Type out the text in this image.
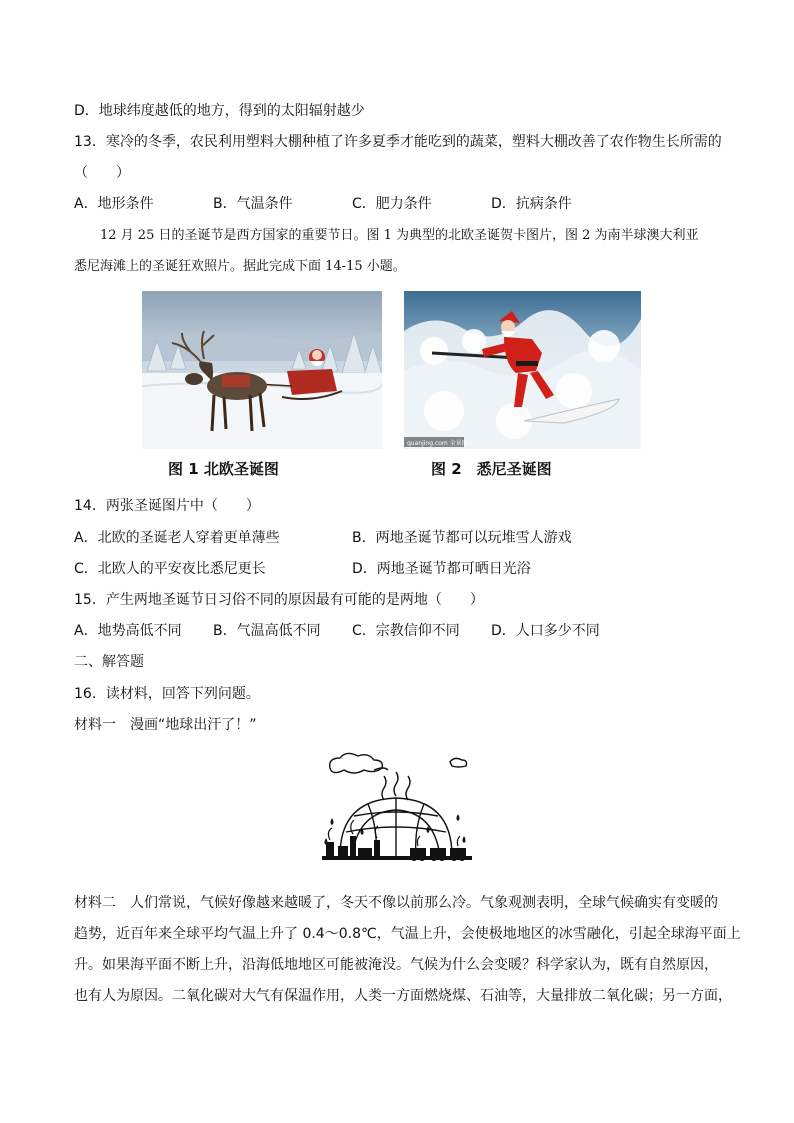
D．地球纬度越低的地方，得到的太阳辐射越少
13．寒冷的冬季，农民利用塑料大棚种植了许多夏季才能吃到的蔬菜，塑料大棚改善了农作物生长所需的
（　　）
A．地形条件	B．气温条件	C．肥力条件	D．抗病条件
12 月 25 日的圣诞节是西方国家的重要节日。图 1 为典型的北欧圣诞贺卡图片，图 2 为南半球澳大利亚
悉尼海滩上的圣诞狂欢照片。据此完成下面 14-15 小题。
quanjing.com 全景图片
图 1 北欧圣诞图	图 2　悉尼圣诞图
14．两张圣诞图片中（　　）
A．北欧的圣诞老人穿着更单薄些	B．两地圣诞节都可以玩堆雪人游戏
C．北欧人的平安夜比悉尼更长	D．两地圣诞节都可晒日光浴
15．产生两地圣诞节日习俗不同的原因最有可能的是两地（　　）
A．地势高低不同 B．气温高低不同 C．宗教信仰不同 D．人口多少不同
二、解答题
16．读材料，回答下列问题。
材料一　漫画“地球出汗了！”
材料二　人们常说，气候好像越来越暖了，冬天不像以前那么冷。气象观测表明，全球气候确实有变暖的
趋势，近百年来全球平均气温上升了 0.4～0.8℃，气温上升，会使极地地区的冰雪融化，引起全球海平面上
升。如果海平面不断上升，沿海低地地区可能被淹没。气候为什么会变暖？科学家认为，既有自然原因，
也有人为原因。二氧化碳对大气有保温作用，人类一方面燃烧煤、石油等，大量排放二氧化碳；另一方面，
